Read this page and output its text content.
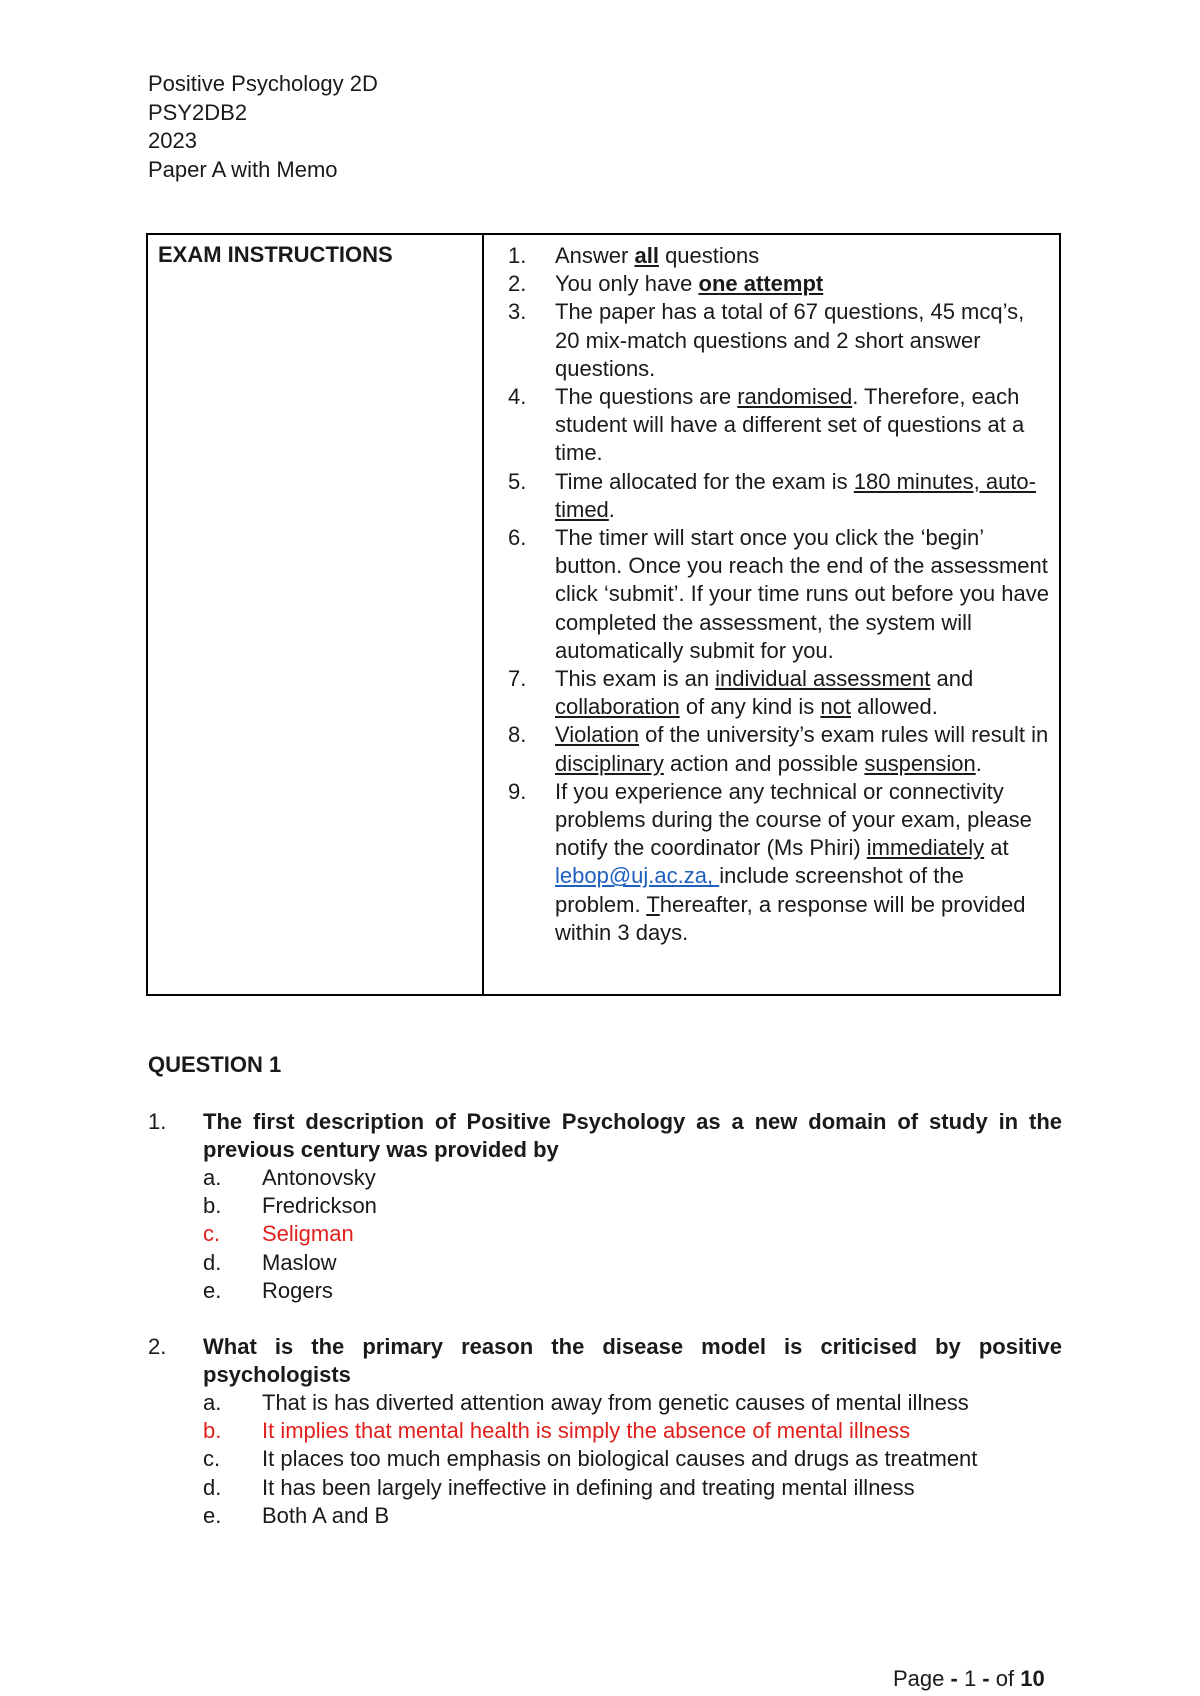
Positive Psychology 2D
PSY2DB2
2023
Paper A with Memo
EXAM INSTRUCTIONS	1. Answer all questions
2. You only have one attempt
3. The paper has a total of 67 questions, 45 mcq’s, 20 mix-match questions and 2 short answer questions.
4. The questions are randomised. Therefore, each student will have a different set of questions at a time.
5. Time allocated for the exam is 180 minutes, auto-timed.
6. The timer will start once you click the ‘begin’ button. Once you reach the end of the assessment click ‘submit’. If your time runs out before you have completed the assessment, the system will automatically submit for you.
7. This exam is an individual assessment and collaboration of any kind is not allowed.
8. Violation of the university’s exam rules will result in disciplinary action and possible suspension.
9. If you experience any technical or connectivity problems during the course of your exam, please notify the coordinator (Ms Phiri) immediately at lebop@uj.ac.za, include screenshot of the problem. Thereafter, a response will be provided within 3 days.
QUESTION 1
1. The first description of Positive Psychology as a new domain of study in the previous century was provided by
a. Antonovsky
b. Fredrickson
c. Seligman
d. Maslow
e. Rogers
2. What is the primary reason the disease model is criticised by positive psychologists
a. That is has diverted attention away from genetic causes of mental illness
b. It implies that mental health is simply the absence of mental illness
c. It places too much emphasis on biological causes and drugs as treatment
d. It has been largely ineffective in defining and treating mental illness
e. Both A and B
Page - 1 - of 10
